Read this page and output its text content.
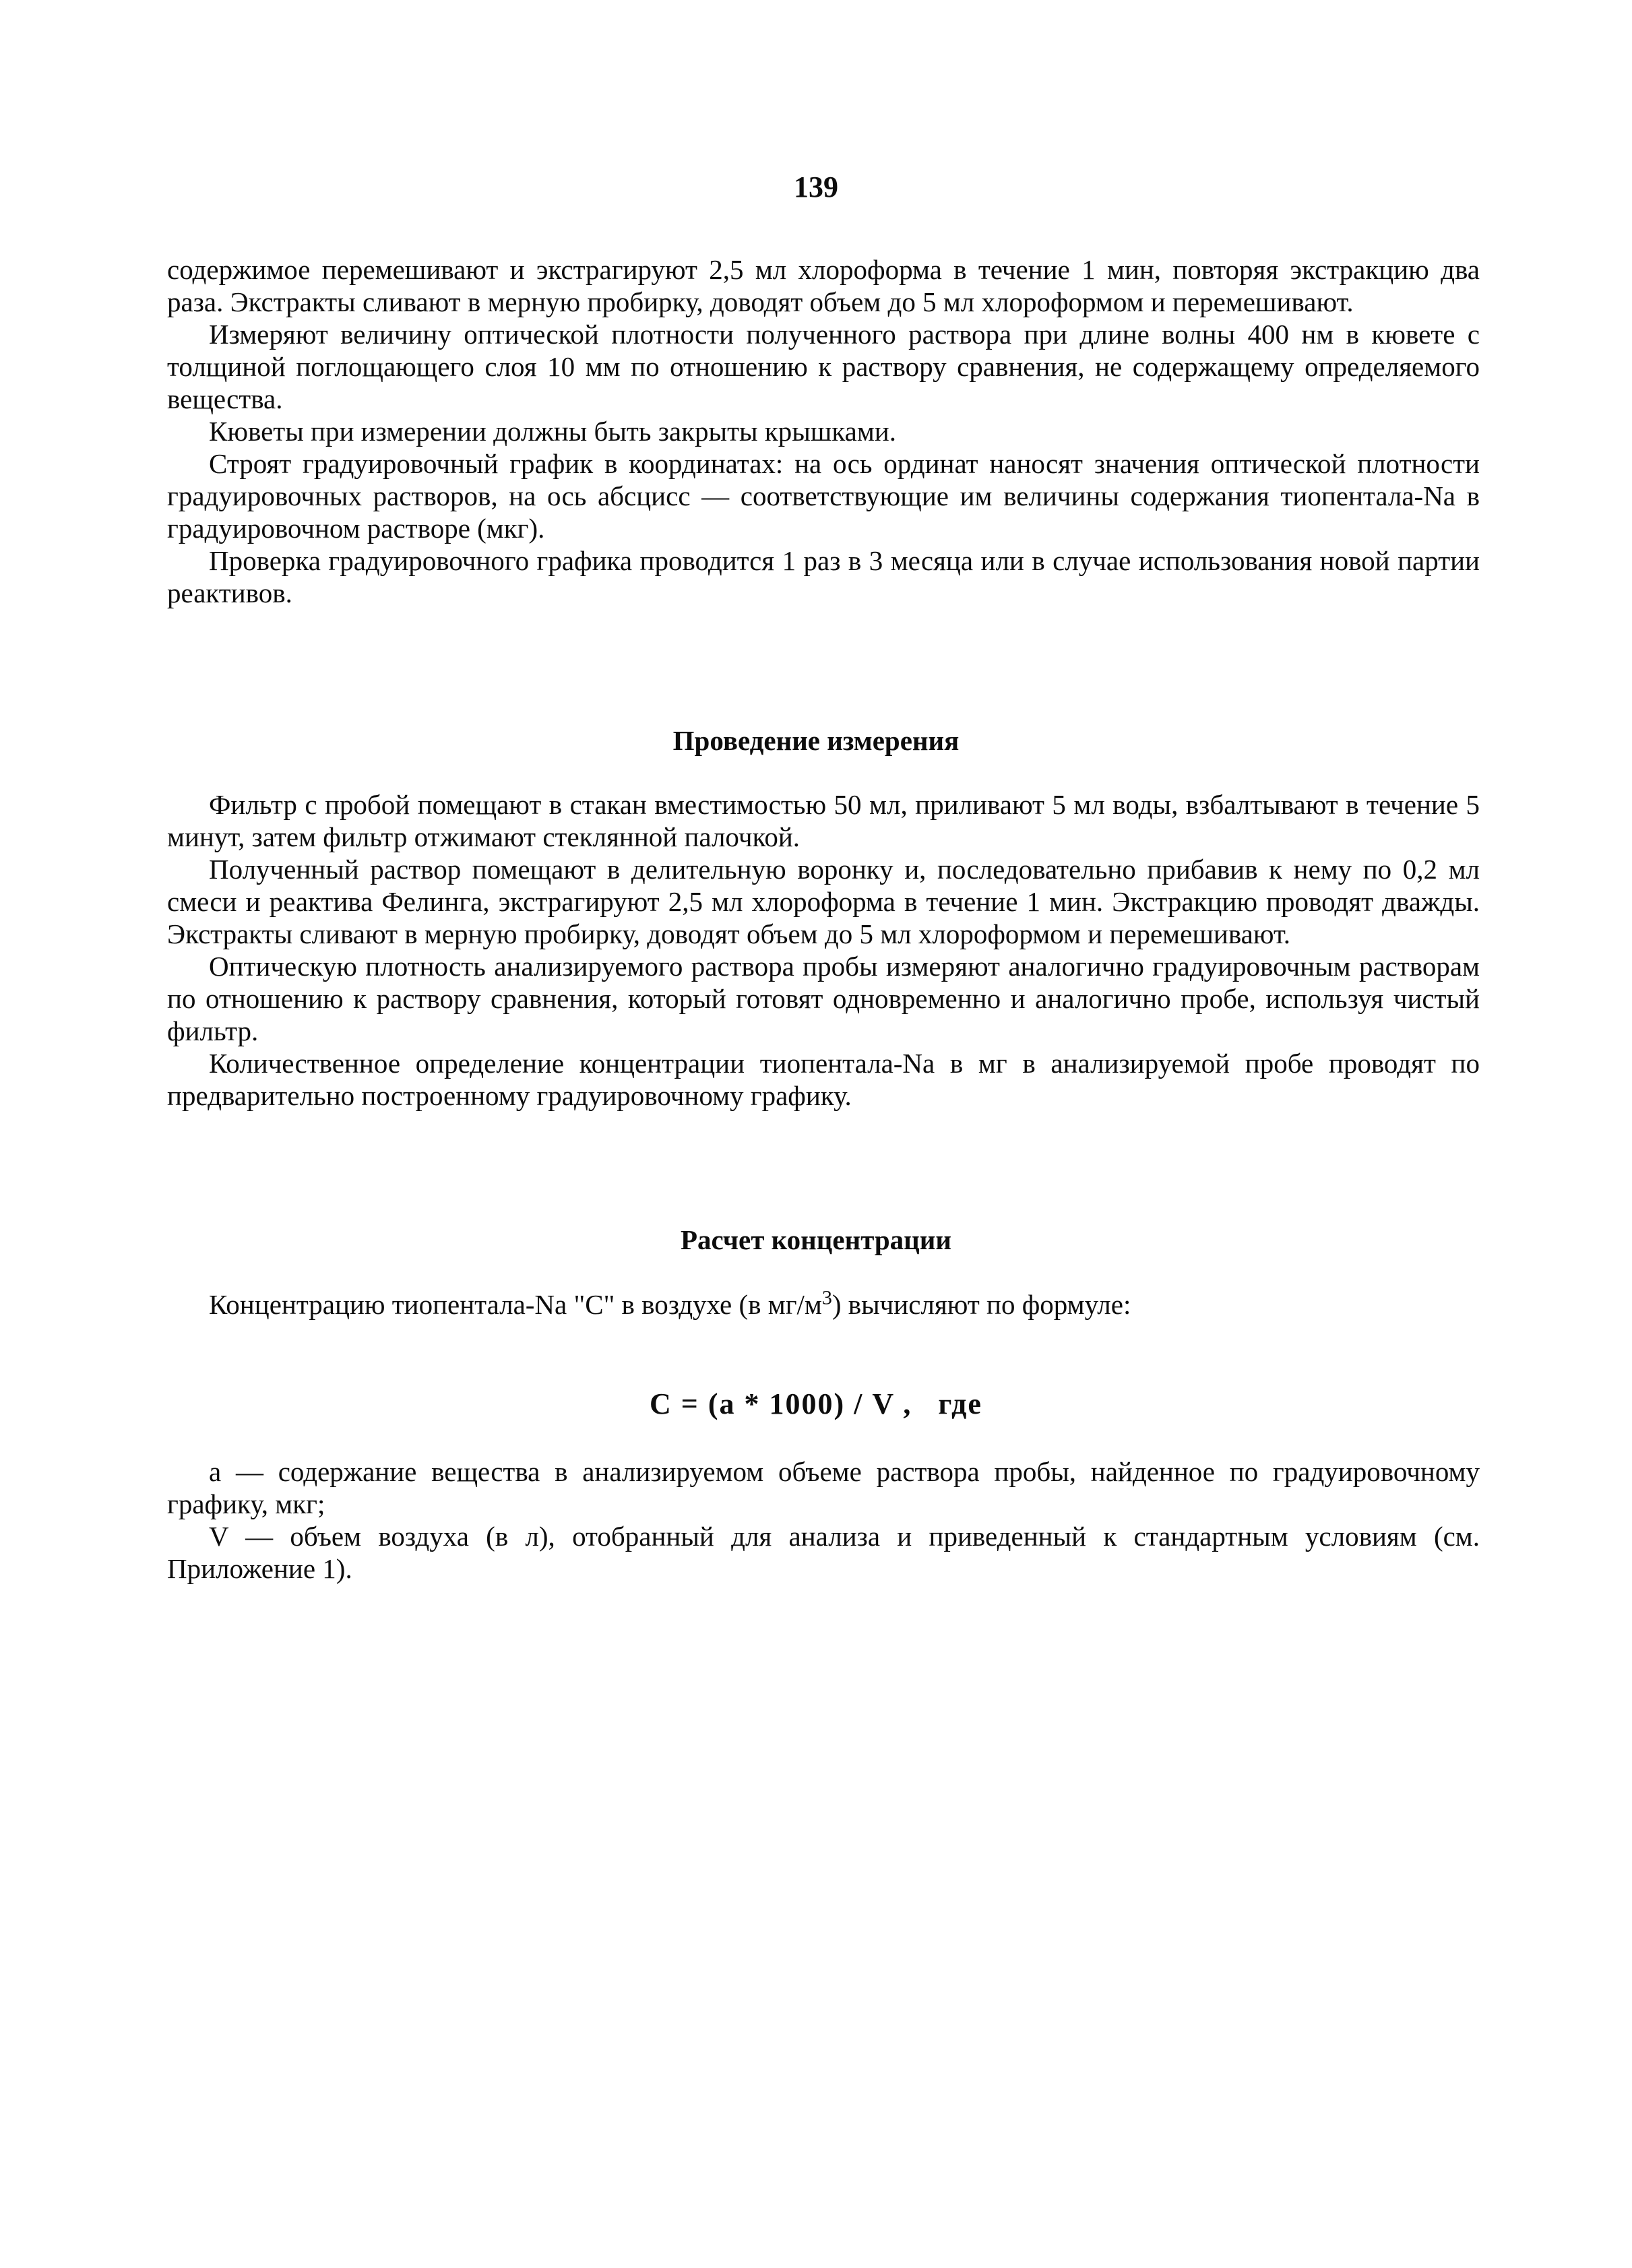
139

содержимое перемешивают и экстрагируют 2,5 мл хлороформа в течение 1 мин, повторяя экстракцию два раза. Экстракты сливают в мерную пробирку, доводят объем до 5 мл хлороформом и перемешивают.

Измеряют величину оптической плотности полученного раствора при длине волны 400 нм в кювете с толщиной поглощающего слоя 10 мм по отношению к раствору сравнения, не содержащему определяемого вещества.

Кюветы при измерении должны быть закрыты крышками.

Строят градуировочный график в координатах: на ось ординат наносят значения оптической плотности градуировочных растворов, на ось абсцисс — соответствующие им величины содержания тиопентала-Na в градуировочном растворе (мкг).

Проверка градуировочного графика проводится 1 раз в 3 месяца или в случае использования новой партии реактивов.

Проведение измерения

Фильтр с пробой помещают в стакан вместимостью 50 мл, приливают 5 мл воды, взбалтывают в течение 5 минут, затем фильтр отжимают стеклянной палочкой.

Полученный раствор помещают в делительную воронку и, последовательно прибавив к нему по 0,2 мл смеси и реактива Фелинга, экстрагируют 2,5 мл хлороформа в течение 1 мин. Экстракцию проводят дважды. Экстракты сливают в мерную пробирку, доводят объем до 5 мл хлороформом и перемешивают.

Оптическую плотность анализируемого раствора пробы измеряют аналогично градуировочным растворам по отношению к раствору сравнения, который готовят одновременно и аналогично пробе, используя чистый фильтр.

Количественное определение концентрации тиопентала-Na в мг в анализируемой пробе проводят по предварительно построенному градуировочному графику.

Расчет концентрации

Концентрацию тиопентала-Na "С" в воздухе (в $мг/м^3$) вычисляют по формуле:

С = (а * 1000) / V ,   где

а — содержание вещества в анализируемом объеме раствора пробы, найденное по градуировочному графику, мкг;

V — объем воздуха (в л), отобранный для анализа и приведенный к стандартным условиям (см. Приложение 1).
